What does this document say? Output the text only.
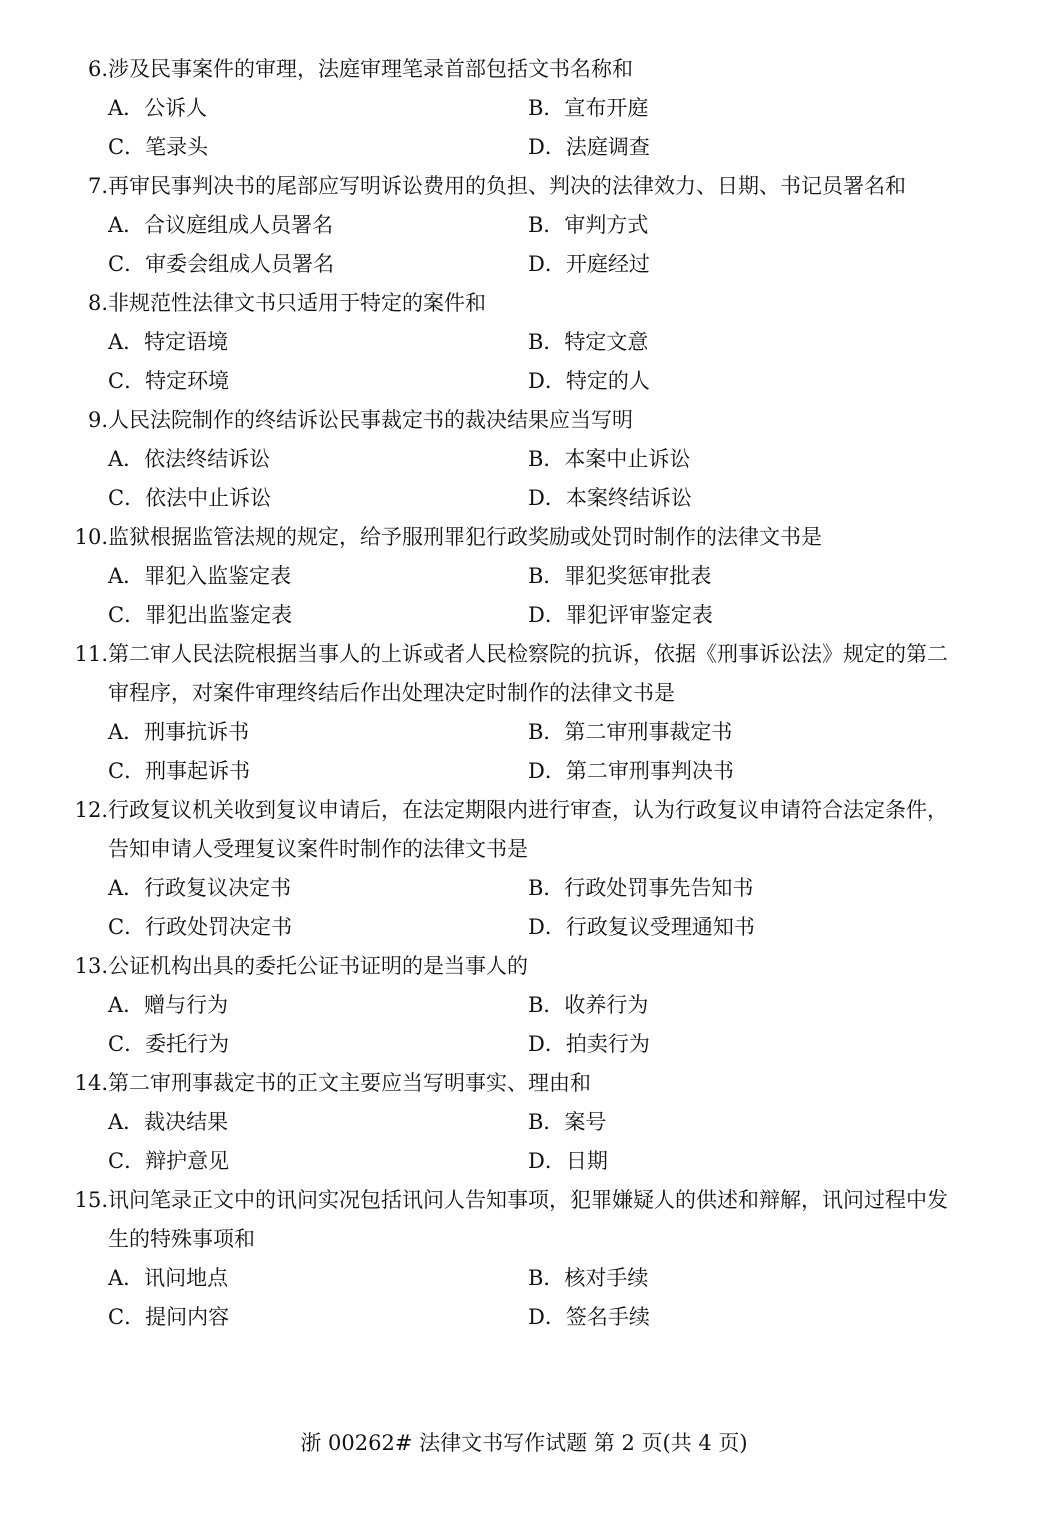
6. 涉及民事案件的审理，法庭审理笔录首部包括文书名称和
A．公诉人	B．宣布开庭
C．笔录头	D．法庭调查
7. 再审民事判决书的尾部应写明诉讼费用的负担、判决的法律效力、日期、书记员署名和
A．合议庭组成人员署名	B．审判方式
C．审委会组成人员署名	D．开庭经过
8. 非规范性法律文书只适用于特定的案件和
A．特定语境	B．特定文意
C．特定环境	D．特定的人
9. 人民法院制作的终结诉讼民事裁定书的裁决结果应当写明
A．依法终结诉讼	B．本案中止诉讼
C．依法中止诉讼	D．本案终结诉讼
10. 监狱根据监管法规的规定，给予服刑罪犯行政奖励或处罚时制作的法律文书是
A．罪犯入监鉴定表	B．罪犯奖惩审批表
C．罪犯出监鉴定表	D．罪犯评审鉴定表
11. 第二审人民法院根据当事人的上诉或者人民检察院的抗诉，依据《刑事诉讼法》规定的第二审程序，对案件审理终结后作出处理决定时制作的法律文书是
A．刑事抗诉书	B．第二审刑事裁定书
C．刑事起诉书	D．第二审刑事判决书
12. 行政复议机关收到复议申请后，在法定期限内进行审查，认为行政复议申请符合法定条件，告知申请人受理复议案件时制作的法律文书是
A．行政复议决定书	B．行政处罚事先告知书
C．行政处罚决定书	D．行政复议受理通知书
13. 公证机构出具的委托公证书证明的是当事人的
A．赠与行为	B．收养行为
C．委托行为	D．拍卖行为
14. 第二审刑事裁定书的正文主要应当写明事实、理由和
A．裁决结果	B．案号
C．辩护意见	D．日期
15. 讯问笔录正文中的讯问实况包括讯问人告知事项，犯罪嫌疑人的供述和辩解，讯问过程中发生的特殊事项和
A．讯问地点	B．核对手续
C．提问内容	D．签名手续
浙 00262# 法律文书写作试题 第 2 页(共 4 页)
